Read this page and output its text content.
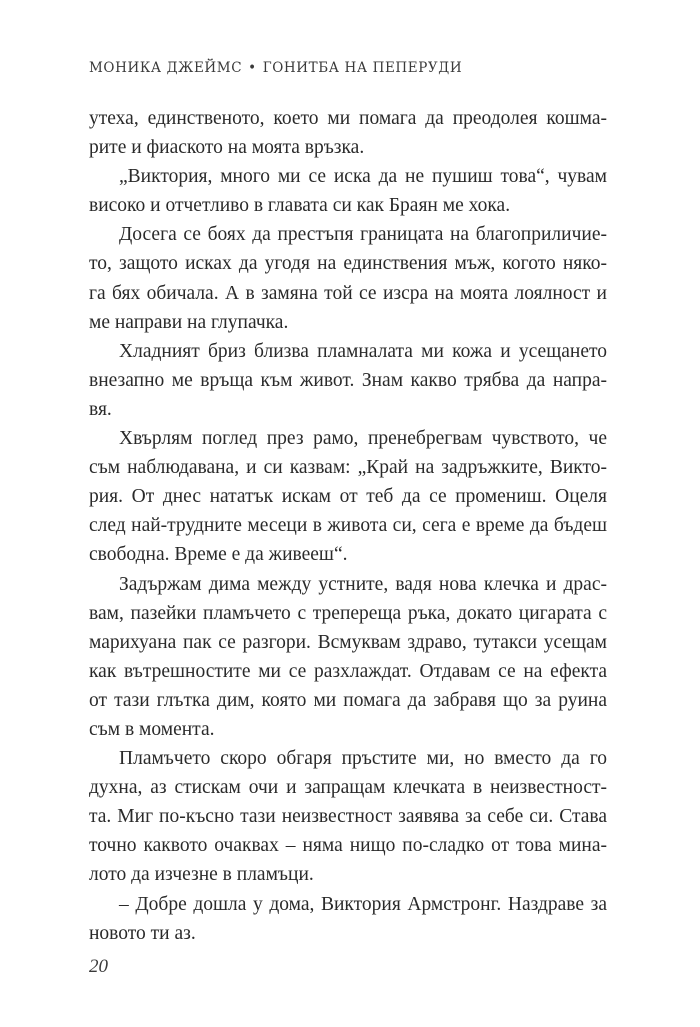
МОНИКА ДЖЕЙМС • ГОНИТБА НА ПЕПЕРУДИ
утеха, единственото, което ми помага да преодолея кошма-
рите и фиаското на моята връзка.
„Виктория, много ми се иска да не пушиш това“, чувам
високо и отчетливо в главата си как Браян ме хока.
Досега се боях да престъпя границата на благоприличие-
то, защото исках да угодя на единствения мъж, когото няко-
га бях обичала. А в замяна той се изсра на моята лоялност и
ме направи на глупачка.
Хладният бриз близва пламналата ми кожа и усещането
внезапно ме връща към живот. Знам какво трябва да напра-
вя.
Хвърлям поглед през рамо, пренебрегвам чувството, че
съм наблюдавана, и си казвам: „Край на задръжките, Викто-
рия. От днес нататък искам от теб да се промениш. Оцеля
след най-трудните месеци в живота си, сега е време да бъдеш
свободна. Време е да живееш“.
Задържам дима между устните, вадя нова клечка и драс-
вам, пазейки пламъчето с трепереща ръка, докато цигарата с
марихуана пак се разгори. Всмуквам здраво, тутакси усещам
как вътрешностите ми се разхлаждат. Отдавам се на ефекта
от тази глътка дим, която ми помага да забравя що за руина
съм в момента.
Пламъчето скоро обгаря пръстите ми, но вместо да го
духна, аз стискам очи и запращам клечката в неизвестност-
та. Миг по-късно тази неизвестност заявява за себе си. Става
точно каквото очаквах – няма нищо по-сладко от това мина-
лото да изчезне в пламъци.
– Добре дошла у дома, Виктория Армстронг. Наздраве за
новото ти аз.
20
